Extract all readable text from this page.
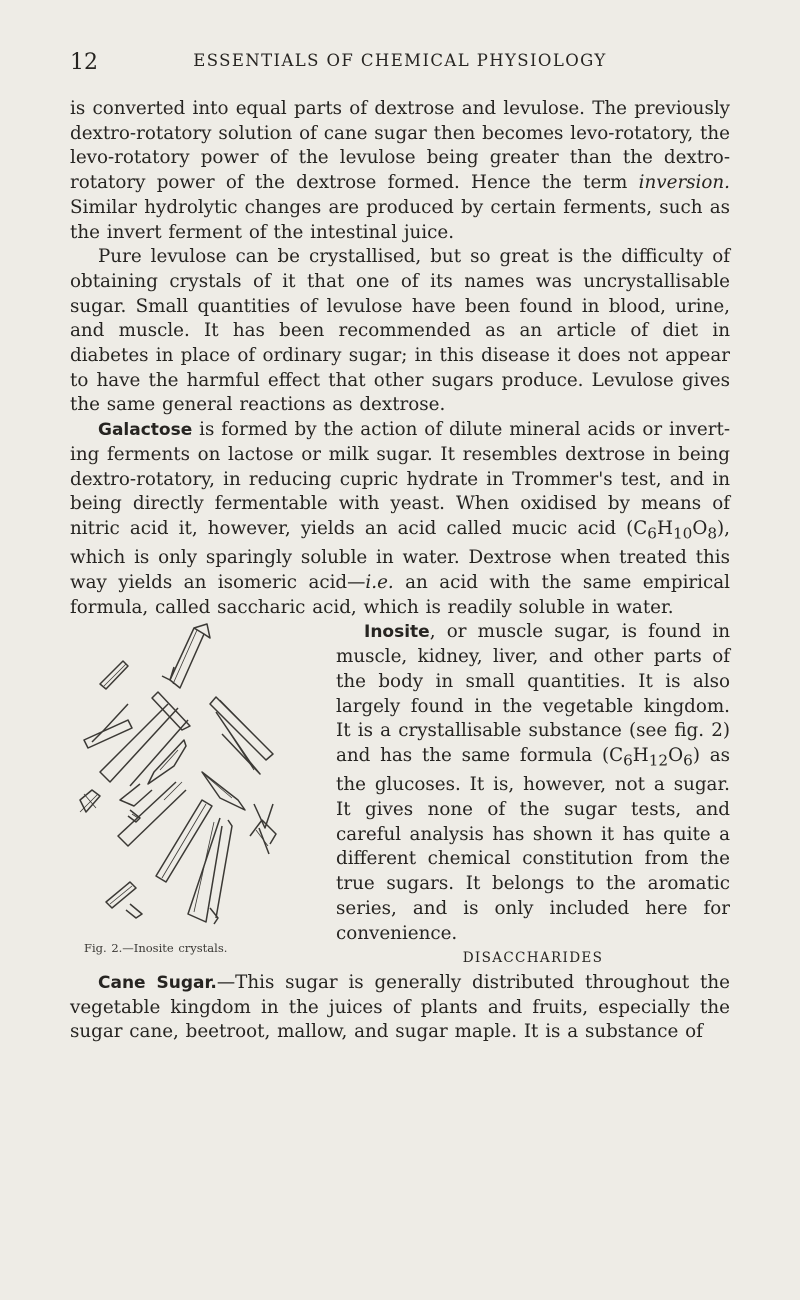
12	ESSENTIALS OF CHEMICAL PHYSIOLOGY

is converted into equal parts of dextrose and levulose. The previously dextro-rotatory solution of cane sugar then becomes levo-rotatory, the levo-rotatory power of the levulose being greater than the dextro-rotatory power of the dextrose formed. Hence the term inversion. Similar hydrolytic changes are produced by certain ferments, such as the invert ferment of the intestinal juice.

Pure levulose can be crystallised, but so great is the difficulty of obtaining crystals of it that one of its names was uncrystallisable sugar. Small quantities of levulose have been found in blood, urine, and muscle. It has been recommended as an article of diet in diabetes in place of ordinary sugar; in this disease it does not appear to have the harmful effect that other sugars produce. Levulose gives the same general reactions as dextrose.

Galactose is formed by the action of dilute mineral acids or invert-ing ferments on lactose or milk sugar. It resembles dextrose in being dextro-rotatory, in reducing cupric hydrate in Trommer's test, and in being directly fermentable with yeast. When oxidised by means of nitric acid it, however, yields an acid called mucic acid $(C_6H_{10}O_8)$, which is only sparingly soluble in water. Dextrose when treated this way yields an isomeric acid—i.e. an acid with the same empirical formula, called saccharic acid, which is readily soluble in water.

Fig. 2.—Inosite crystals.

Inosite, or muscle sugar, is found in muscle, kidney, liver, and other parts of the body in small quantities. It is also largely found in the vegetable kingdom. It is a crystallisable substance (see fig. 2) and has the same formula $(C_6H_{12}O_6)$ as the glucoses. It is, however, not a sugar. It gives none of the sugar tests, and careful analysis has shown it has quite a different chemical constitution from the true sugars. It belongs to the aromatic series, and is only included here for convenience.

DISACCHARIDES

Cane Sugar.—This sugar is generally distributed throughout the vegetable kingdom in the juices of plants and fruits, especially the sugar cane, beetroot, mallow, and sugar maple. It is a substance of
